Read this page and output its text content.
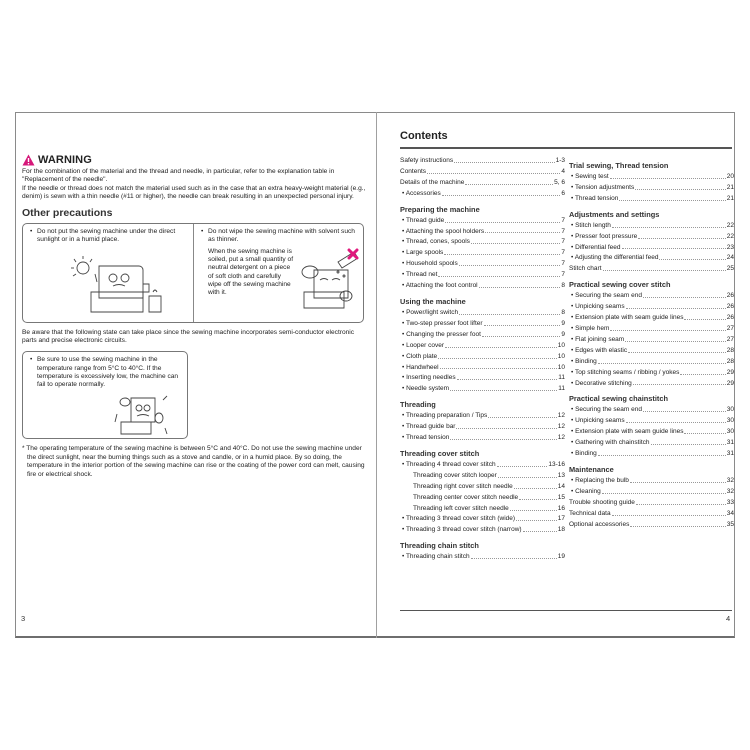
WARNING
For the combination of the material and the thread and needle, in particular, refer to the explanation table in "Replacement of the needle".
If the needle or thread does not match the material used such as in the case that an extra heavy-weight material (e.g., denim) is sewn with a thin needle (#11 or higher), the needle can break resulting in an unexpected personal injury.
Other precautions
• Do not put the sewing machine under the direct sunlight or in a humid place.
• Do not wipe the sewing machine with solvent such as thinner.
When the sewing machine is soiled, put a small quantity of neutral detergent on a piece of soft cloth and carefully wipe off the sewing machine with it.
Be aware that the following state can take place since the sewing machine incorporates semi-conductor electronic parts and precise electronic circuits.
• Be sure to use the sewing machine in the temperature range from 5°C to 40°C. If the temperature is excessively low, the machine can fail to operate normally.
* The operating temperature of the sewing machine is between 5°C and 40°C. Do not use the sewing machine under the direct sunlight, near the burning things such as a stove and candle, or in a humid place. By so doing, the temperature in the interior portion of the sewing machine can rise or the coating of the power cord can melt, causing fire or electrical shock.
3
Contents
Safety instructions	1-3
Contents	4
Details of the machine	5, 6
• Accessories	6
Preparing the machine
• Thread guide	7
• Attaching the spool holders	7
• Thread, cones, spools	7
• Large spools	7
• Household spools	7
• Thread net	7
• Attaching the foot control	8
Using the machine
• Power/light switch	8
• Two-step presser foot lifter	9
• Changing the presser foot	9
• Looper cover	10
• Cloth plate	10
• Handwheel	10
• Inserting needles	11
• Needle system	11
Threading
• Threading preparation / Tips	12
• Thread guide bar	12
• Thread tension	12
Threading cover stitch
• Threading 4 thread cover stitch	13-16
Threading cover stitch looper	13
Threading right cover stitch needle	14
Threading center cover stitch needle	15
Threading left cover stitch needle	16
• Threading 3 thread cover stitch (wide)	17
• Threading 3 thread cover stitch (narrow)	18
Threading chain stitch
• Threading chain stitch	19
Trial sewing, Thread tension
• Sewing test	20
• Tension adjustments	21
• Thread tension	21
Adjustments and settings
• Stitch length	22
• Presser foot pressure	22
• Differential feed	23
• Adjusting the differential feed	24
Stitch chart	25
Practical sewing cover stitch
• Securing the seam end	26
• Unpicking seams	26
• Extension plate with seam guide lines	26
• Simple hem	27
• Flat joining seam	27
• Edges with elastic	28
• Binding	28
• Top stitching seams / ribbing / yokes	29
• Decorative stitching	29
Practical sewing chainstitch
• Securing the seam end	30
• Unpicking seams	30
• Extension plate with seam guide lines	30
• Gathering with chainstitch	31
• Binding	31
Maintenance
• Replacing the bulb	32
• Cleaning	32
Trouble shooting guide	33
Technical data	34
Optional accessories	35
4
